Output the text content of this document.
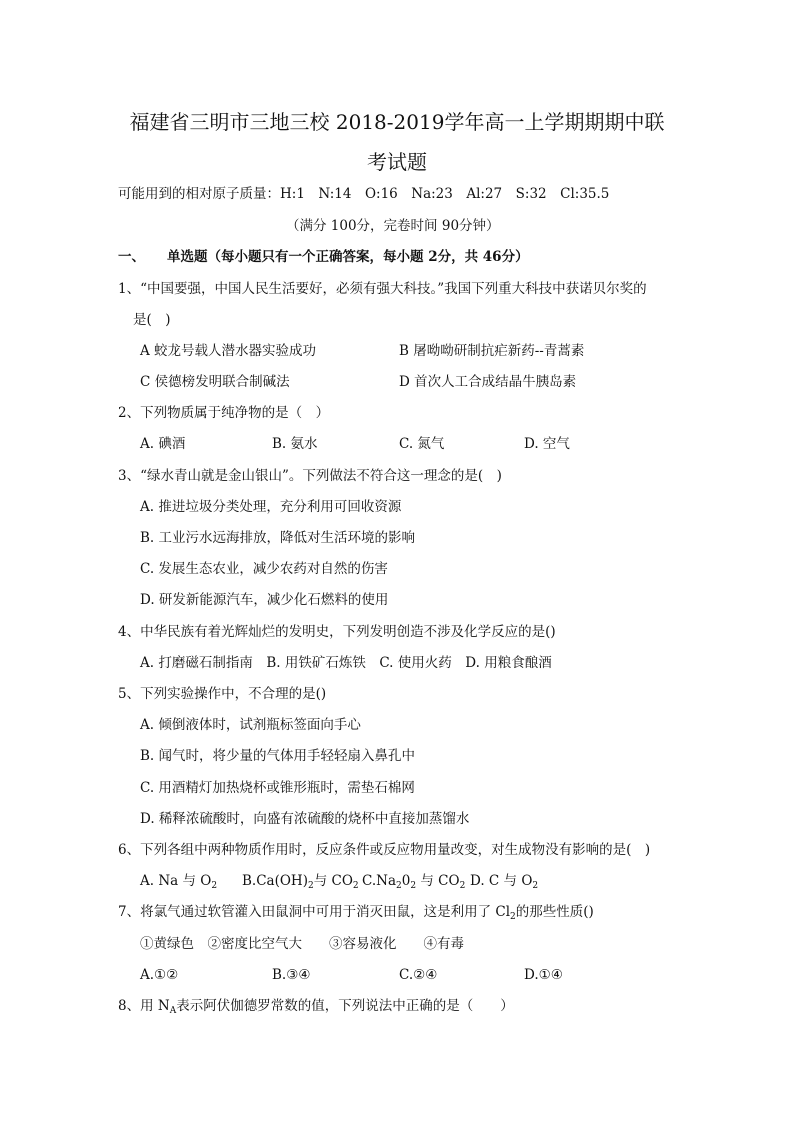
福建省三明市三地三校 2018-2019学年高一上学期期期中联
考试题
可能用到的相对原子质量：H:1　N:14　O:16　Na:23　Al:27　S:32　Cl:35.5
（满分 100分，完卷时间 90分钟）
一、 单选题（每小题只有一个正确答案，每小题 2分，共 46分）
1、“中国要强，中国人民生活要好，必须有强大科技。”我国下列重大科技中获诺贝尔奖的
是(　)
A 蛟龙号载人潜水器实验成功	B 屠呦呦研制抗疟新药--青蒿素
C 侯德榜发明联合制碱法	D 首次人工合成结晶牛胰岛素
2、下列物质属于纯净物的是（　）
A. 碘酒	B. 氨水	C. 氮气	D. 空气
3、“绿水青山就是金山银山”。下列做法不符合这一理念的是(　)
A. 推进垃圾分类处理，充分利用可回收资源
B. 工业污水远海排放，降低对生活环境的影响
C. 发展生态农业，减少农药对自然的伤害
D. 研发新能源汽车，减少化石燃料的使用
4、中华民族有着光辉灿烂的发明史，下列发明创造不涉及化学反应的是()
A. 打磨磁石制指南　B. 用铁矿石炼铁　C. 使用火药　D. 用粮食酿酒
5、下列实验操作中，不合理的是()
A. 倾倒液体时，试剂瓶标签面向手心
B. 闻气时，将少量的气体用手轻轻扇入鼻孔中
C. 用酒精灯加热烧杯或锥形瓶时，需垫石棉网
D. 稀释浓硫酸时，向盛有浓硫酸的烧杯中直接加蒸馏水
6、下列各组中两种物质作用时，反应条件或反应物用量改变，对生成物没有影响的是(　)
A. Na 与 $O_2$ $B.Ca(OH)_2$与 $CO_2$ $C.Na_20_2$ 与 $CO_2$ D. C 与 $O_2$
7、将氯气通过软管灌入田鼠洞中可用于消灭田鼠，这是利用了 $Cl_2$的那些性质()
①黄绿色　②密度比空气大　　③容易液化　　④有毒
A.①②	B.③④	C.②④	D.①④
8、用 $N_A$表示阿伏伽德罗常数的值，下列说法中正确的是（　　）
